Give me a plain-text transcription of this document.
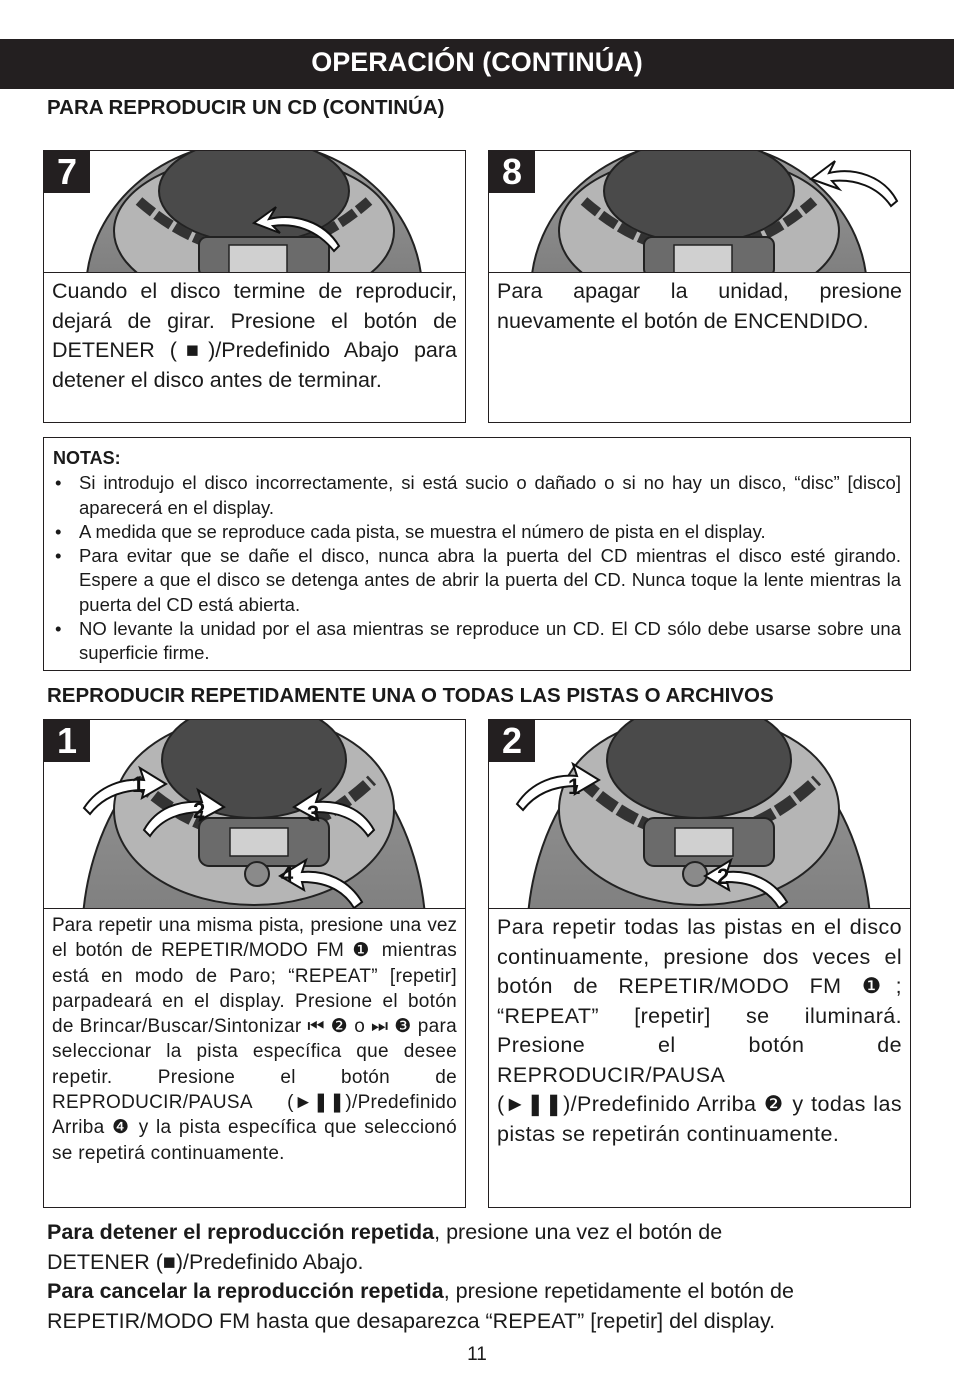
OPERACIÓN (CONTINÚA)
PARA REPRODUCIR UN CD (CONTINÚA)
7
Cuando el disco termine de reproducir, dejará de girar. Presione el botón de DETENER (■)/Predefinido Abajo para detener el disco antes de terminar.
8
Para apagar la unidad, presione nuevamente el botón de ENCENDIDO.
NOTAS:
• Si introdujo el disco incorrectamente, si está sucio o dañado o si no hay un disco, “disc” [disco] aparecerá en el display.
• A medida que se reproduce cada pista, se muestra el número de pista en el display.
• Para evitar que se dañe el disco, nunca abra la puerta del CD mientras el disco esté girando. Espere a que el disco se detenga antes de abrir la puerta del CD. Nunca toque la lente mientras la puerta del CD está abierta.
• NO levante la unidad por el asa mientras se reproduce un CD. El CD sólo debe usarse sobre una superficie firme.
REPRODUCIR REPETIDAMENTE UNA O TODAS LAS PISTAS O ARCHIVOS
1
2	3
4
1
Para repetir una misma pista, presione una vez el botón de REPETIR/MODO FM ❶ mientras está en modo de Paro; “REPEAT” [repetir] parpadeará en el display. Presione el botón de Brincar/Buscar/Sintonizar ⏮ ❷ o ⏭ ❸ para seleccionar la pista específica que desee repetir. Presione el botón de REPRODUCIR/PAUSA (►❚❚)/Predefinido Arriba ❹ y la pista específica que seleccionó se repetirá continuamente.
1
2
2
Para repetir todas las pistas en el disco continuamente, presione dos veces el botón de REPETIR/MODO FM ❶; “REPEAT” [repetir] se iluminará. Presione el botón de REPRODUCIR/PAUSA (►❚❚)/Predefinido Arriba ❷ y todas las pistas se repetirán continuamente.
Para detener el reproducción repetida, presione una vez el botón de
DETENER (■)/Predefinido Abajo.
Para cancelar la reproducción repetida, presione repetidamente el botón de
REPETIR/MODO FM hasta que desaparezca “REPEAT” [repetir] del display.
11
